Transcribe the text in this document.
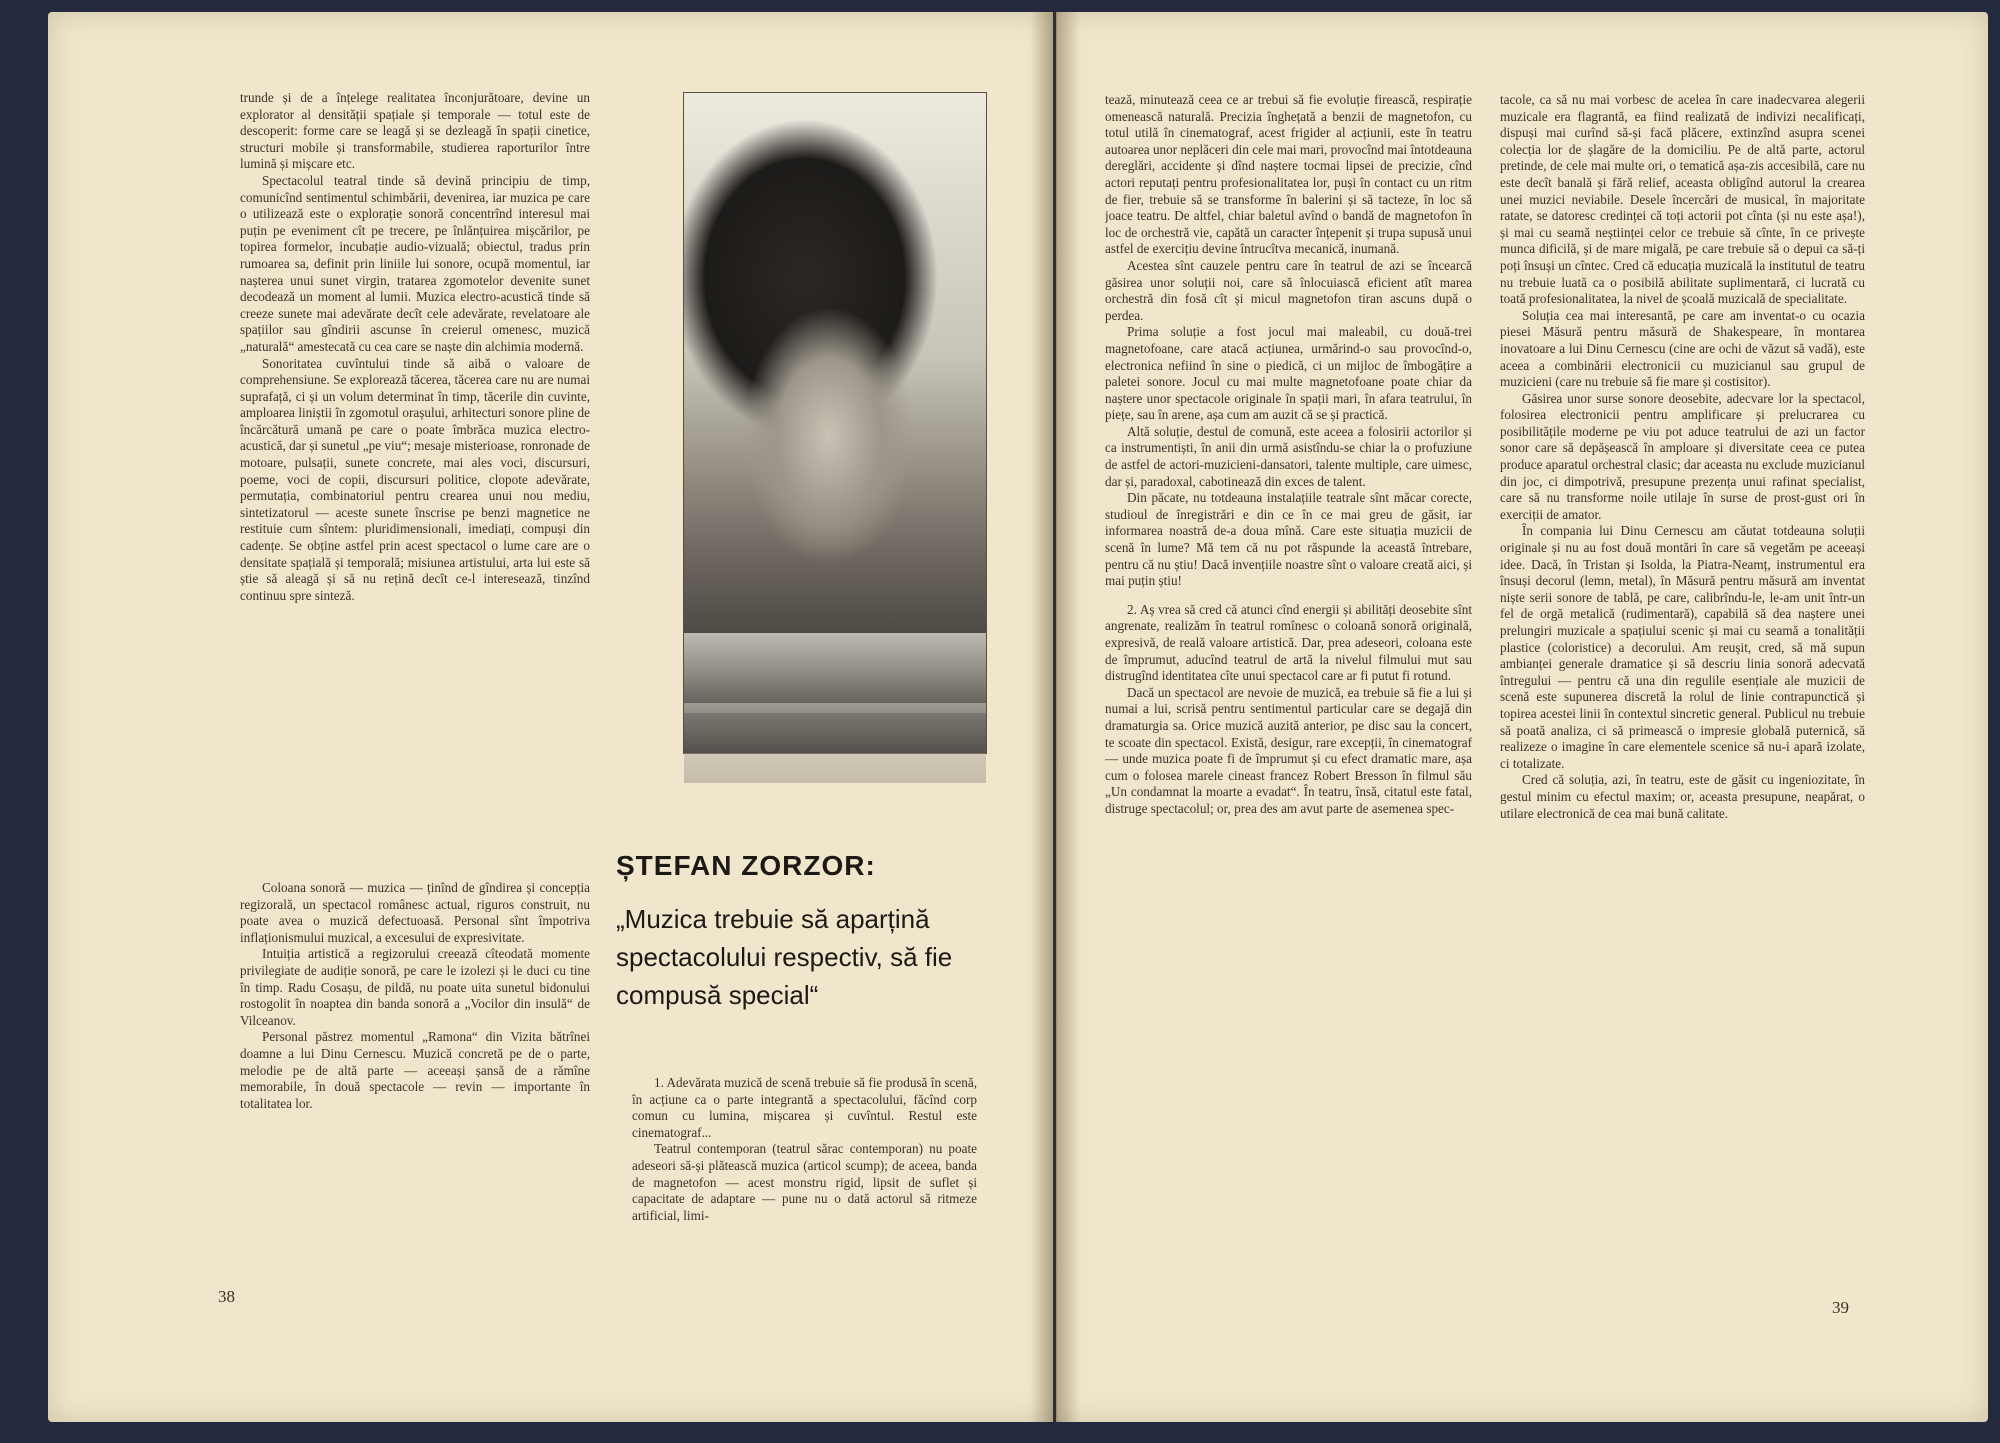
trunde și de a înțelege realitatea înconjurătoare, devine un explorator al densității spațiale și temporale — totul este de descoperit: forme care se leagă și se dezleagă în spații cinetice, structuri mobile și transformabile, studierea raporturilor între lumină și mișcare etc.

Spectacolul teatral tinde să devină principiu de timp, comunicînd sentimentul schimbării, devenirea, iar muzica pe care o utilizează este o explorație sonoră concentrînd interesul mai puțin pe eveniment cît pe trecere, pe înlănțuirea mișcărilor, pe topirea formelor, incubație audio-vizuală; obiectul, tradus prin rumoarea sa, definit prin liniile lui sonore, ocupă momentul, iar nașterea unui sunet virgin, tratarea zgomotelor devenite sunet decodează un moment al lumii. Muzica electro-acustică tinde să creeze sunete mai adevărate decît cele adevărate, revelatoare ale spațiilor sau gîndirii ascunse în creierul omenesc, muzică „naturală“ amestecată cu cea care se naște din alchimia modernă.

Sonoritatea cuvîntului tinde să aibă o valoare de comprehensiune. Se explorează tăcerea, tăcerea care nu are numai suprafață, ci și un volum determinat în timp, tăcerile din cuvinte, amploarea liniștii în zgomotul orașului, arhitecturi sonore pline de încărcătură umană pe care o poate îmbrăca muzica electro-acustică, dar și sunetul „pe viu“; mesaje misterioase, ronronade de motoare, pulsații, sunete concrete, mai ales voci, discursuri, poeme, voci de copii, discursuri politice, clopote adevărate, permutația, combinatoriul pentru crearea unui nou mediu, sintetizatorul — aceste sunete înscrise pe benzi magnetice ne restituie cum sîntem: pluridimensionali, imediați, compuși din cadențe. Se obține astfel prin acest spectacol o lume care are o densitate spațială și temporală; misiunea artistului, arta lui este să știe să aleagă și să nu rețină decît ce-l interesează, tinzînd continuu spre sinteză.

Coloana sonoră — muzica — ținînd de gîndirea și concepția regizorală, un spectacol românesc actual, riguros construit, nu poate avea o muzică defectuoasă. Personal sînt împotriva inflaționismului muzical, a excesului de expresivitate.

Intuiția artistică a regizorului creează cîteodată momente privilegiate de audiție sonoră, pe care le izolezi și le duci cu tine în timp. Radu Cosașu, de pildă, nu poate uita sunetul bidonului rostogolit în noaptea din banda sonoră a „Vocilor din insulă“ de Vilceanov.

Personal păstrez momentul „Ramona“ din Vizita bătrînei doamne a lui Dinu Cernescu. Muzică concretă pe de o parte, melodie pe de altă parte — aceeași șansă de a rămîne memorabile, în două spectacole — revin — importante în totalitatea lor.

ȘTEFAN ZORZOR:

„Muzica trebuie să aparțină spectacolului respectiv, să fie compusă special“

1. Adevărata muzică de scenă trebuie să fie produsă în scenă, în acțiune ca o parte integrantă a spectacolului, făcînd corp comun cu lumina, mișcarea și cuvîntul. Restul este cinematograf...

Teatrul contemporan (teatrul sărac contemporan) nu poate adeseori să-și plătească muzica (articol scump); de aceea, banda de magnetofon — acest monstru rigid, lipsit de suflet și capacitate de adaptare — pune nu o dată actorul să ritmeze artificial, limi-

38

tează, minutează ceea ce ar trebui să fie evoluție firească, respirație omenească naturală. Precizia înghețată a benzii de magnetofon, cu totul utilă în cinematograf, acest frigider al acțiunii, este în teatru autoarea unor neplăceri din cele mai mari, provocînd mai întotdeauna dereglări, accidente și dînd naștere tocmai lipsei de precizie, cînd actori reputați pentru profesionalitatea lor, puși în contact cu un ritm de fier, trebuie să se transforme în balerini și să tacteze, în loc să joace teatru. De altfel, chiar baletul avînd o bandă de magnetofon în loc de orchestră vie, capătă un caracter înțepenit și trupa supusă unui astfel de exercițiu devine întrucîtva mecanică, inumană.

Acestea sînt cauzele pentru care în teatrul de azi se încearcă găsirea unor soluții noi, care să înlocuiască eficient atît marea orchestră din fosă cît și micul magnetofon tiran ascuns după o perdea.

Prima soluție a fost jocul mai maleabil, cu două-trei magnetofoane, care atacă acțiunea, urmărind-o sau provocînd-o, electronica nefiind în sine o piedică, ci un mijloc de îmbogățire a paletei sonore. Jocul cu mai multe magnetofoane poate chiar da naștere unor spectacole originale în spații mari, în afara teatrului, în piețe, sau în arene, așa cum am auzit că se și practică.

Altă soluție, destul de comună, este aceea a folosirii actorilor și ca instrumentiști, în anii din urmă asistîndu-se chiar la o profuziune de astfel de actori-muzicieni-dansatori, talente multiple, care uimesc, dar și, paradoxal, cabotinează din exces de talent.

Din păcate, nu totdeauna instalațiile teatrale sînt măcar corecte, studioul de înregistrări e din ce în ce mai greu de găsit, iar informarea noastră de-a doua mînă. Care este situația muzicii de scenă în lume? Mă tem că nu pot răspunde la această întrebare, pentru că nu știu! Dacă invențiile noastre sînt o valoare creată aici, și mai puțin știu!

2. Aș vrea să cred că atunci cînd energii și abilități deosebite sînt angrenate, realizăm în teatrul romînesc o coloană sonoră originală, expresivă, de reală valoare artistică. Dar, prea adeseori, coloana este de împrumut, aducînd teatrul de artă la nivelul filmului mut sau distrugînd identitatea cîte unui spectacol care ar fi putut fi rotund.

Dacă un spectacol are nevoie de muzică, ea trebuie să fie a lui și numai a lui, scrisă pentru sentimentul particular care se degajă din dramaturgia sa. Orice muzică auzită anterior, pe disc sau la concert, te scoate din spectacol. Există, desigur, rare excepții, în cinematograf — unde muzica poate fi de împrumut și cu efect dramatic mare, așa cum o folosea marele cineast francez Robert Bresson în filmul său „Un condamnat la moarte a evadat“. În teatru, însă, citatul este fatal, distruge spectacolul; or, prea des am avut parte de asemenea spec-

tacole, ca să nu mai vorbesc de acelea în care inadecvarea alegerii muzicale era flagrantă, ea fiind realizată de indivizi necalificați, dispuși mai curînd să-și facă plăcere, extinzînd asupra scenei colecția lor de șlagăre de la domiciliu. Pe de altă parte, actorul pretinde, de cele mai multe ori, o tematică așa-zis accesibilă, care nu este decît banală și fără relief, aceasta obligînd autorul la crearea unei muzici neviabile. Desele încercări de musical, în majoritate ratate, se datoresc credinței că toți actorii pot cînta (și nu este așa!), și mai cu seamă neștiinței celor ce trebuie să cînte, în ce privește munca dificilă, și de mare migală, pe care trebuie să o depui ca să-ți poți însuși un cîntec. Cred că educația muzicală la institutul de teatru nu trebuie luată ca o posibilă abilitate suplimentară, ci lucrată cu toată profesionalitatea, la nivel de școală muzicală de specialitate.

Soluția cea mai interesantă, pe care am inventat-o cu ocazia piesei Măsură pentru măsură de Shakespeare, în montarea inovatoare a lui Dinu Cernescu (cine are ochi de văzut să vadă), este aceea a combinării electronicii cu muzicianul sau grupul de muzicieni (care nu trebuie să fie mare și costisitor).

Găsirea unor surse sonore deosebite, adecvare lor la spectacol, folosirea electronicii pentru amplificare și prelucrarea cu posibilitățile moderne pe viu pot aduce teatrului de azi un factor sonor care să depășească în amploare și diversitate ceea ce putea produce aparatul orchestral clasic; dar aceasta nu exclude muzicianul din joc, ci dimpotrivă, presupune prezența unui rafinat specialist, care să nu transforme noile utilaje în surse de prost-gust ori în exerciții de amator.

În compania lui Dinu Cernescu am căutat totdeauna soluții originale și nu au fost două montări în care să vegetăm pe aceeași idee. Dacă, în Tristan și Isolda, la Piatra-Neamț, instrumentul era însuși decorul (lemn, metal), în Măsură pentru măsură am inventat niște serii sonore de tablă, pe care, calibrîndu-le, le-am unit într-un fel de orgă metalică (rudimentară), capabilă să dea naștere unei prelungiri muzicale a spațiului scenic și mai cu seamă a tonalității plastice (coloristice) a decorului. Am reușit, cred, să mă supun ambianței generale dramatice și să descriu linia sonoră adecvată întregului — pentru că una din regulile esențiale ale muzicii de scenă este supunerea discretă la rolul de linie contrapunctică și topirea acestei linii în contextul sincretic general. Publicul nu trebuie să poată analiza, ci să primească o impresie globală puternică, să realizeze o imagine în care elementele scenice să nu-i apară izolate, ci totalizate.

Cred că soluția, azi, în teatru, este de găsit cu ingeniozitate, în gestul minim cu efectul maxim; or, aceasta presupune, neapărat, o utilare electronică de cea mai bună calitate.

39
